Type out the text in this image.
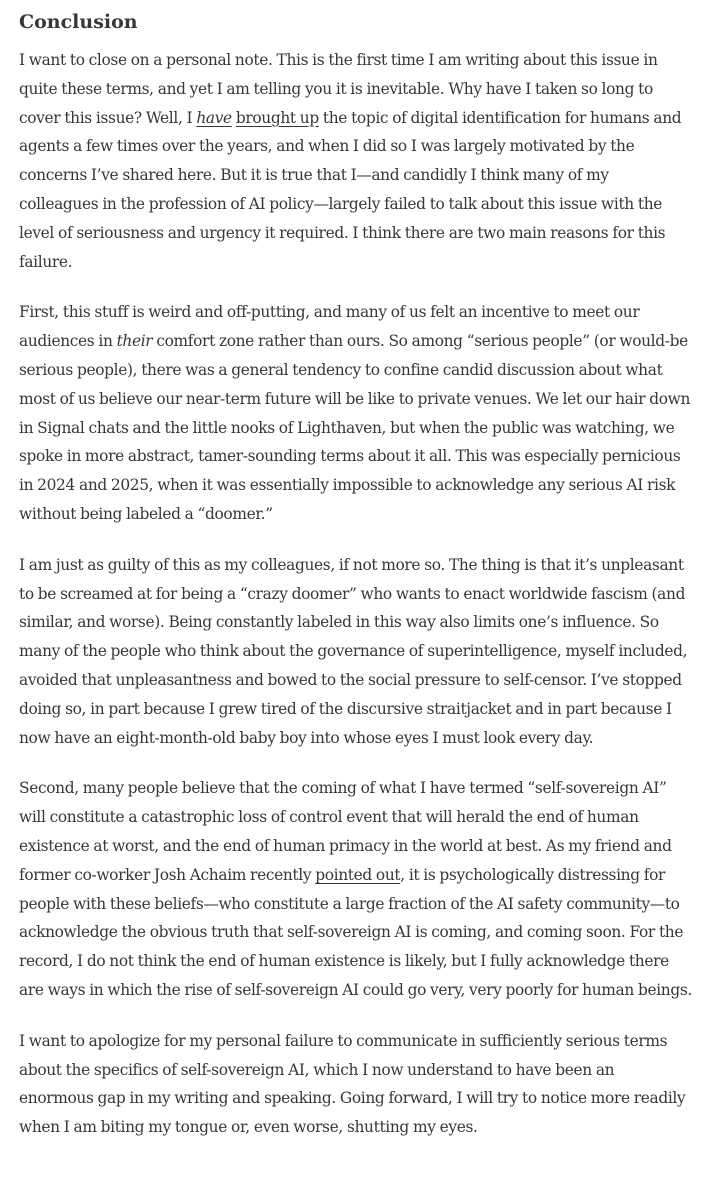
Conclusion

I want to close on a personal note. This is the first time I am writing about this issue in quite these terms, and yet I am telling you it is inevitable. Why have I taken so long to cover this issue? Well, I have brought up the topic of digital identification for humans and agents a few times over the years, and when I did so I was largely motivated by the concerns I’ve shared here. But it is true that I—and candidly I think many of my colleagues in the profession of AI policy—largely failed to talk about this issue with the level of seriousness and urgency it required. I think there are two main reasons for this failure.

First, this stuff is weird and off-putting, and many of us felt an incentive to meet our audiences in their comfort zone rather than ours. So among “serious people” (or would-be serious people), there was a general tendency to confine candid discussion about what most of us believe our near-term future will be like to private venues. We let our hair down in Signal chats and the little nooks of Lighthaven, but when the public was watching, we spoke in more abstract, tamer-sounding terms about it all. This was especially pernicious in 2024 and 2025, when it was essentially impossible to acknowledge any serious AI risk without being labeled a “doomer.”

I am just as guilty of this as my colleagues, if not more so. The thing is that it’s unpleasant to be screamed at for being a “crazy doomer” who wants to enact worldwide fascism (and similar, and worse). Being constantly labeled in this way also limits one’s influence. So many of the people who think about the governance of superintelligence, myself included, avoided that unpleasantness and bowed to the social pressure to self-censor. I’ve stopped doing so, in part because I grew tired of the discursive straitjacket and in part because I now have an eight-month-old baby boy into whose eyes I must look every day.

Second, many people believe that the coming of what I have termed “self-sovereign AI” will constitute a catastrophic loss of control event that will herald the end of human existence at worst, and the end of human primacy in the world at best. As my friend and former co-worker Josh Achaim recently pointed out, it is psychologically distressing for people with these beliefs—who constitute a large fraction of the AI safety community—to acknowledge the obvious truth that self-sovereign AI is coming, and coming soon. For the record, I do not think the end of human existence is likely, but I fully acknowledge there are ways in which the rise of self-sovereign AI could go very, very poorly for human beings.

I want to apologize for my personal failure to communicate in sufficiently serious terms about the specifics of self-sovereign AI, which I now understand to have been an enormous gap in my writing and speaking. Going forward, I will try to notice more readily when I am biting my tongue or, even worse, shutting my eyes.
